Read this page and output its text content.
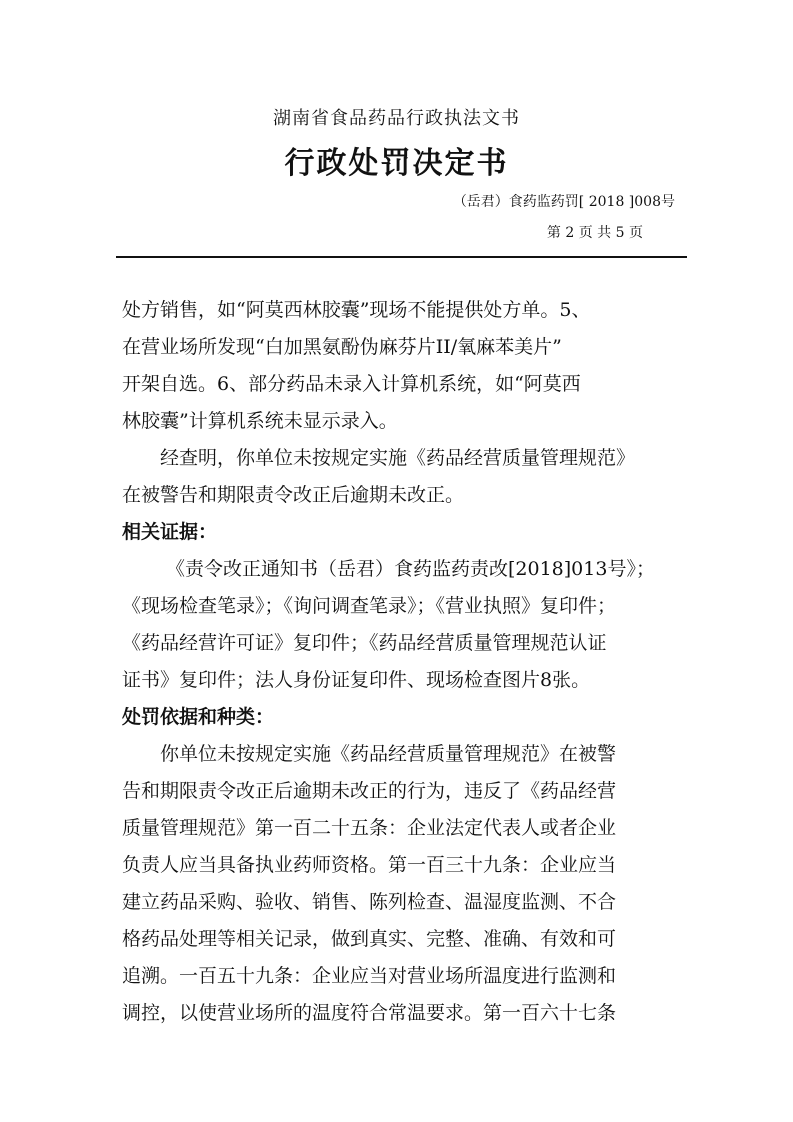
湖南省食品药品行政执法文书
行政处罚决定书
（岳君）食药监药罚[ 2018 ]008号
第 2 页 共 5 页
处方销售，如“阿莫西林胶囊”现场不能提供处方单。5、
在营业场所发现“白加黑氨酚伪麻芬片II/氧麻苯美片”
开架自选。6、部分药品未录入计算机系统，如“阿莫西
林胶囊”计算机系统未显示录入。
经查明，你单位未按规定实施《药品经营质量管理规范》
在被警告和期限责令改正后逾期未改正。
相关证据：
《责令改正通知书（岳君）食药监药责改[2018]013号》；
《现场检查笔录》；《询问调查笔录》；《营业执照》复印件；
《药品经营许可证》复印件；《药品经营质量管理规范认证
证书》复印件；法人身份证复印件、现场检查图片8张。
处罚依据和种类：
你单位未按规定实施《药品经营质量管理规范》在被警
告和期限责令改正后逾期未改正的行为，违反了《药品经营
质量管理规范》第一百二十五条：企业法定代表人或者企业
负责人应当具备执业药师资格。第一百三十九条：企业应当
建立药品采购、验收、销售、陈列检查、温湿度监测、不合
格药品处理等相关记录，做到真实、完整、准确、有效和可
追溯。一百五十九条：企业应当对营业场所温度进行监测和
调控，以使营业场所的温度符合常温要求。第一百六十七条
